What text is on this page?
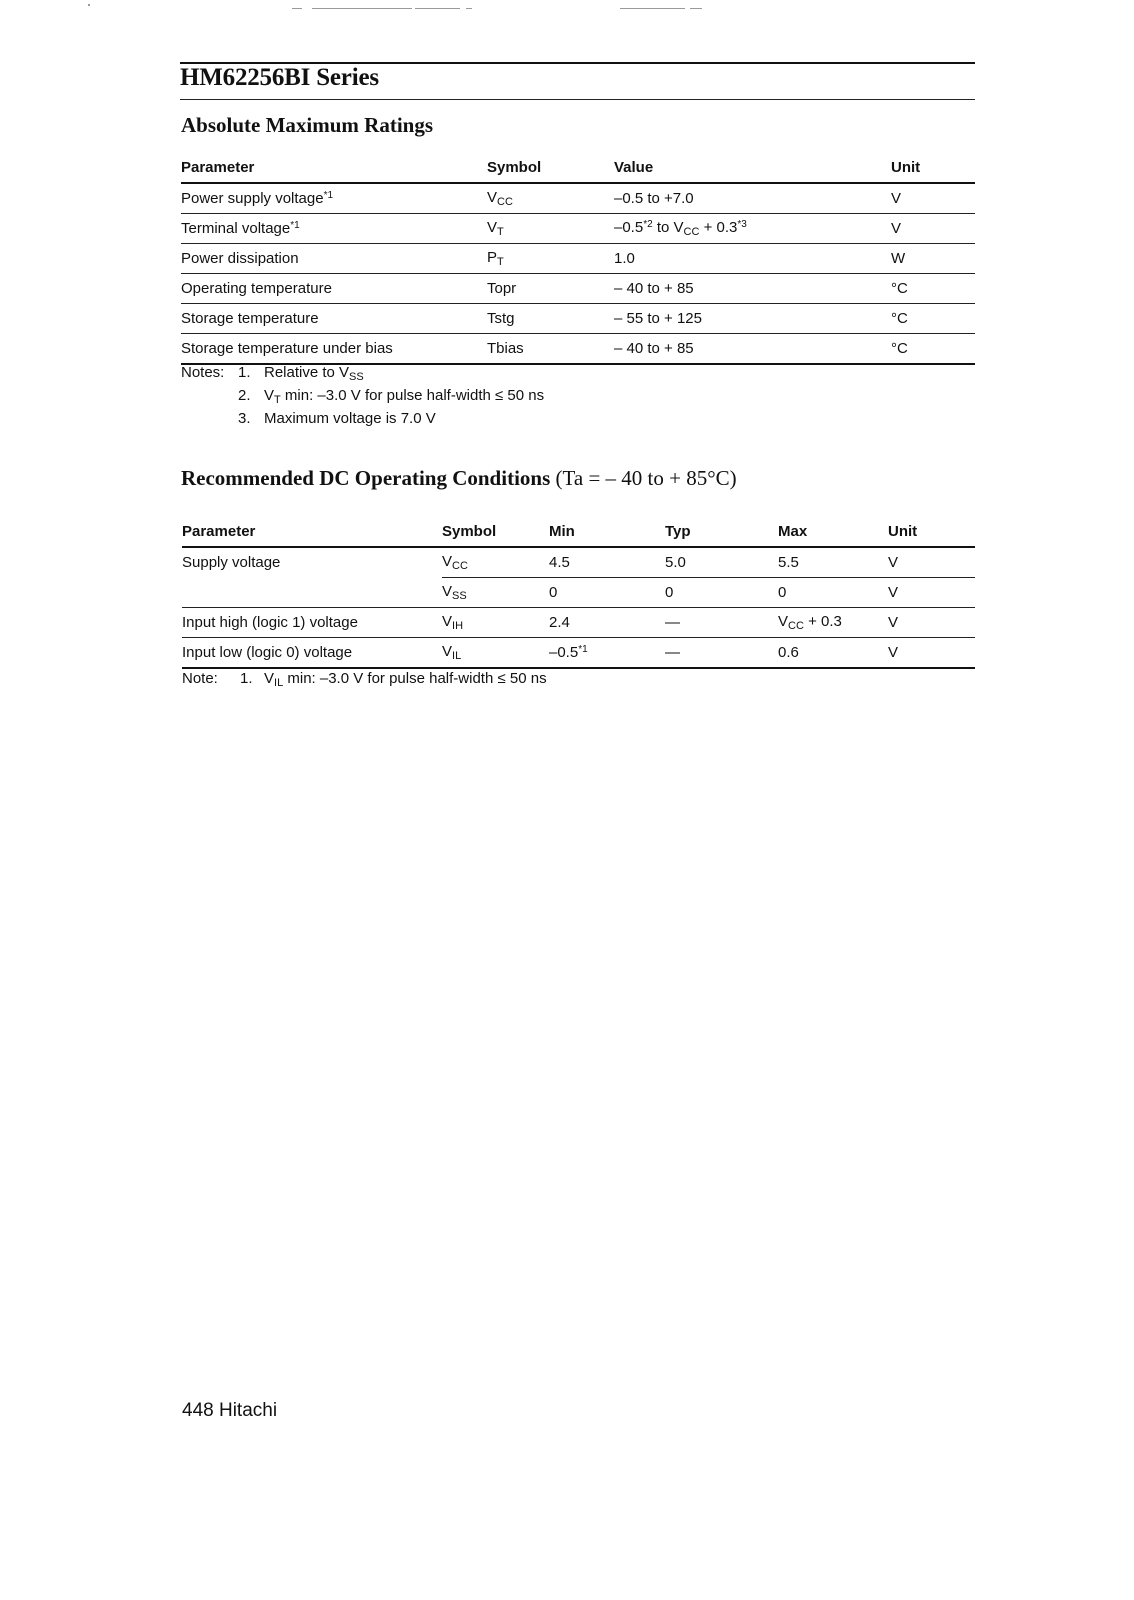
HM62256BI Series
Absolute Maximum Ratings
Parameter	Symbol	Value	Unit
Power supply voltage$^{*1}$	$V_{CC}$	–0.5 to +7.0	V
Terminal voltage$^{*1}$	$V_T$	–0.5$^{*2}$ to $V_{CC} + 0.3^{*3}$	V
Power dissipation	$P_T$	1.0	W
Operating temperature	Topr	– 40 to + 85	°C
Storage temperature	Tstg	– 55 to + 125	°C
Storage temperature under bias	Tbias	– 40 to + 85	°C
Notes: 1. Relative to $V_{SS}$
2. $V_T$ min: –3.0 V for pulse half-width ≤ 50 ns
3. Maximum voltage is 7.0 V
Recommended DC Operating Conditions (Ta = – 40 to + 85°C)
Parameter	Symbol	Min	Typ	Max	Unit
Supply voltage	$V_{CC}$	4.5	5.0	5.5	V
	$V_{SS}$	0	0	0	V
Input high (logic 1) voltage	$V_{IH}$	2.4	—	$V_{CC} + 0.3$	V
Input low (logic 0) voltage	$V_{IL}$	–0.5$^{*1}$	—	0.6	V
Note: 1. $V_{IL}$ min: –3.0 V for pulse half-width ≤ 50 ns
448 Hitachi
